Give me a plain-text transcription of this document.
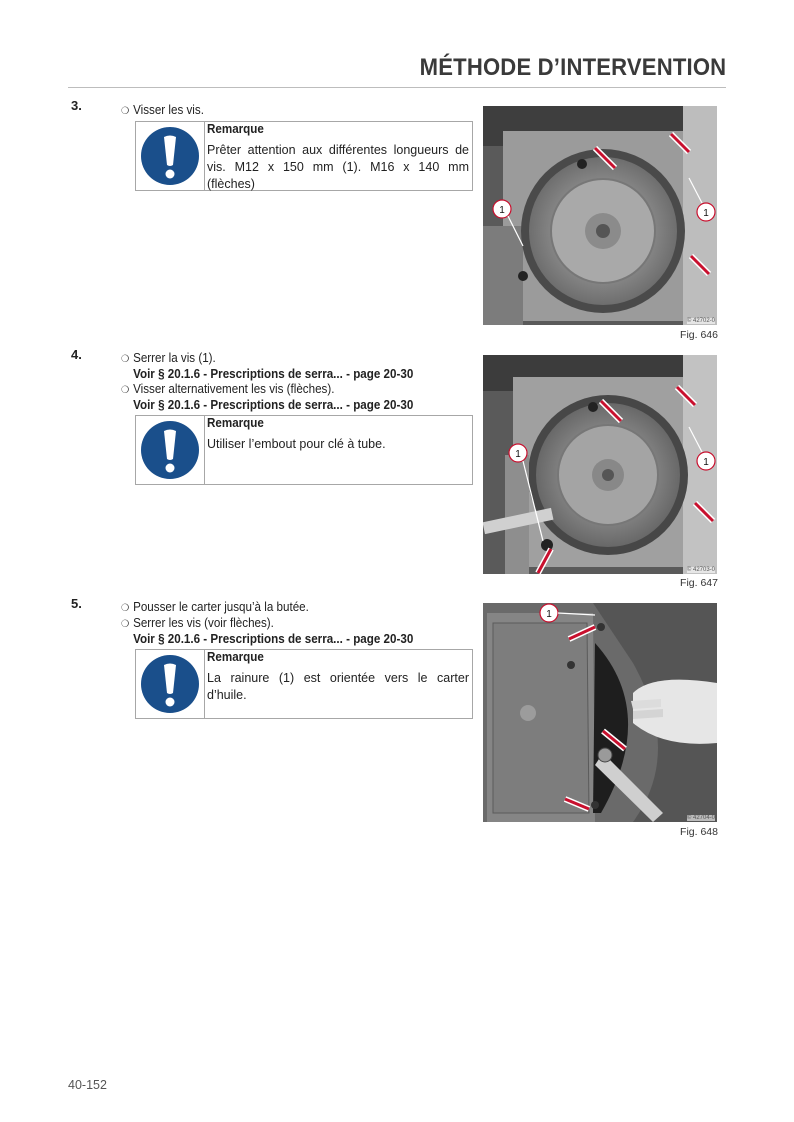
MÉTHODE D’INTERVENTION
3.	❍ Visser les vis.
Remarque
Prêter attention aux différentes longueurs de vis. M12 x 150 mm (1). M16 x 140 mm (flèches)
1	1
© 42702-0
Fig. 646
4.	❍ Serrer la vis (1).
Voir § 20.1.6 - Prescriptions de serra... - page 20-30
❍ Visser alternativement les vis (flèches).
Voir § 20.1.6 - Prescriptions de serra... - page 20-30
Remarque
Utiliser l’embout pour clé à tube.
1
1
© 42703-0
Fig. 647
5.	❍ Pousser le carter jusqu’à la butée.
❍ Serrer les vis (voir flèches).
Voir § 20.1.6 - Prescriptions de serra... - page 20-30
Remarque
La rainure (1) est orientée vers le carter d’huile.
1
© 42704-0
Fig. 648
40-152
